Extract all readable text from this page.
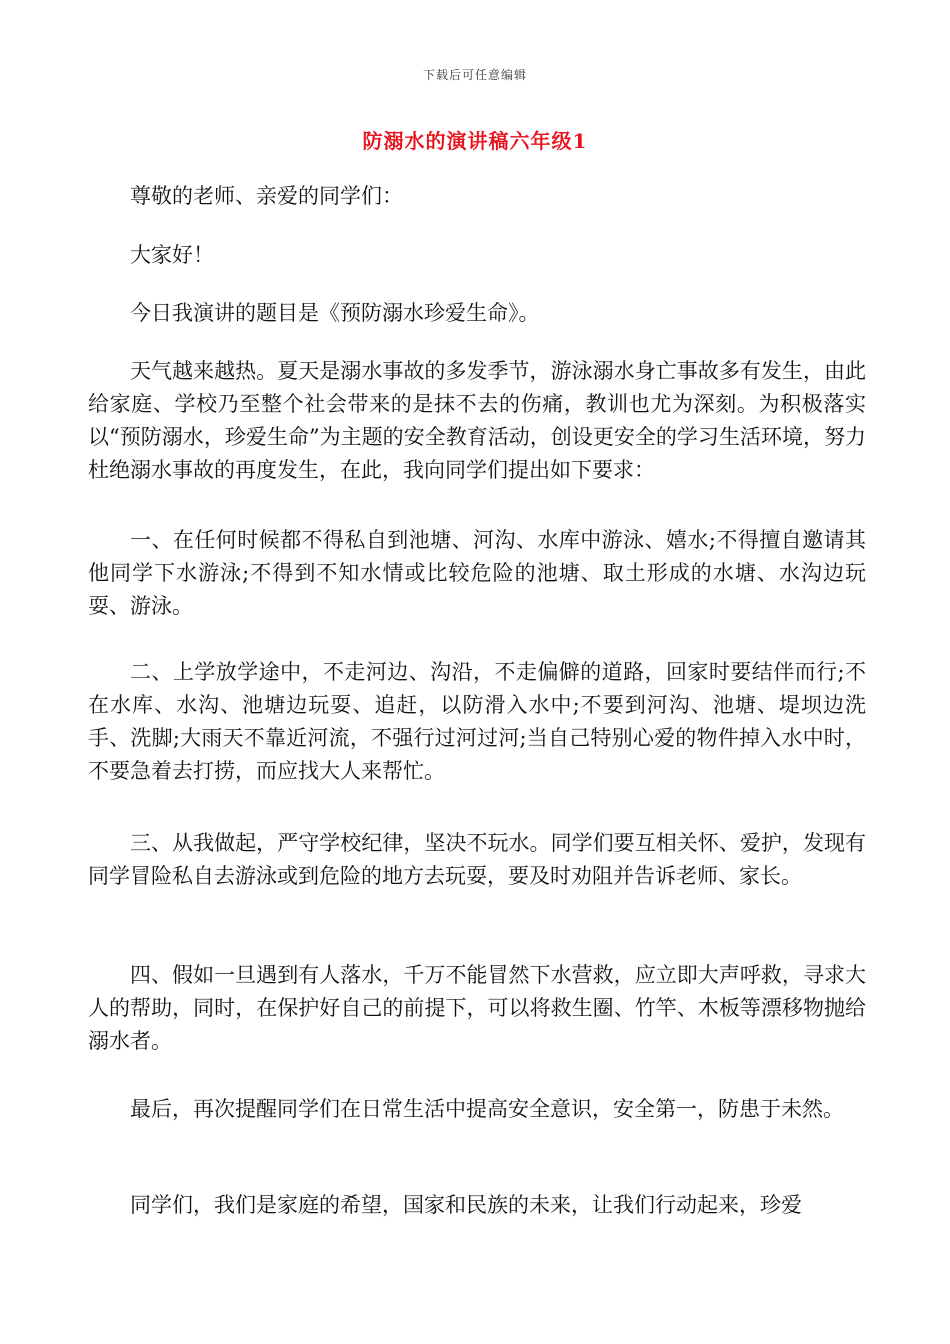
下载后可任意编辑
防溺水的演讲稿六年级1

尊敬的老师、亲爱的同学们：

大家好！

今日我演讲的题目是《预防溺水珍爱生命》。

天气越来越热。夏天是溺水事故的多发季节，游泳溺水身亡事故多有发生，由此给家庭、学校乃至整个社会带来的是抹不去的伤痛，教训也尤为深刻。为积极落实以“预防溺水，珍爱生命”为主题的安全教育活动，创设更安全的学习生活环境，努力杜绝溺水事故的再度发生，在此，我向同学们提出如下要求：

一、在任何时候都不得私自到池塘、河沟、水库中游泳、嬉水;不得擅自邀请其他同学下水游泳;不得到不知水情或比较危险的池塘、取土形成的水塘、水沟边玩耍、游泳。

二、上学放学途中，不走河边、沟沿，不走偏僻的道路，回家时要结伴而行;不在水库、水沟、池塘边玩耍、追赶，以防滑入水中;不要到河沟、池塘、堤坝边洗手、洗脚;大雨天不靠近河流，不强行过河过河;当自己特别心爱的物件掉入水中时，不要急着去打捞，而应找大人来帮忙。

三、从我做起，严守学校纪律，坚决不玩水。同学们要互相关怀、爱护，发现有同学冒险私自去游泳或到危险的地方去玩耍，要及时劝阻并告诉老师、家长。

四、假如一旦遇到有人落水，千万不能冒然下水营救，应立即大声呼救，寻求大人的帮助，同时，在保护好自己的前提下，可以将救生圈、竹竿、木板等漂移物抛给溺水者。

最后，再次提醒同学们在日常生活中提高安全意识，安全第一，防患于未然。

同学们，我们是家庭的希望，国家和民族的未来，让我们行动起来，珍爱
